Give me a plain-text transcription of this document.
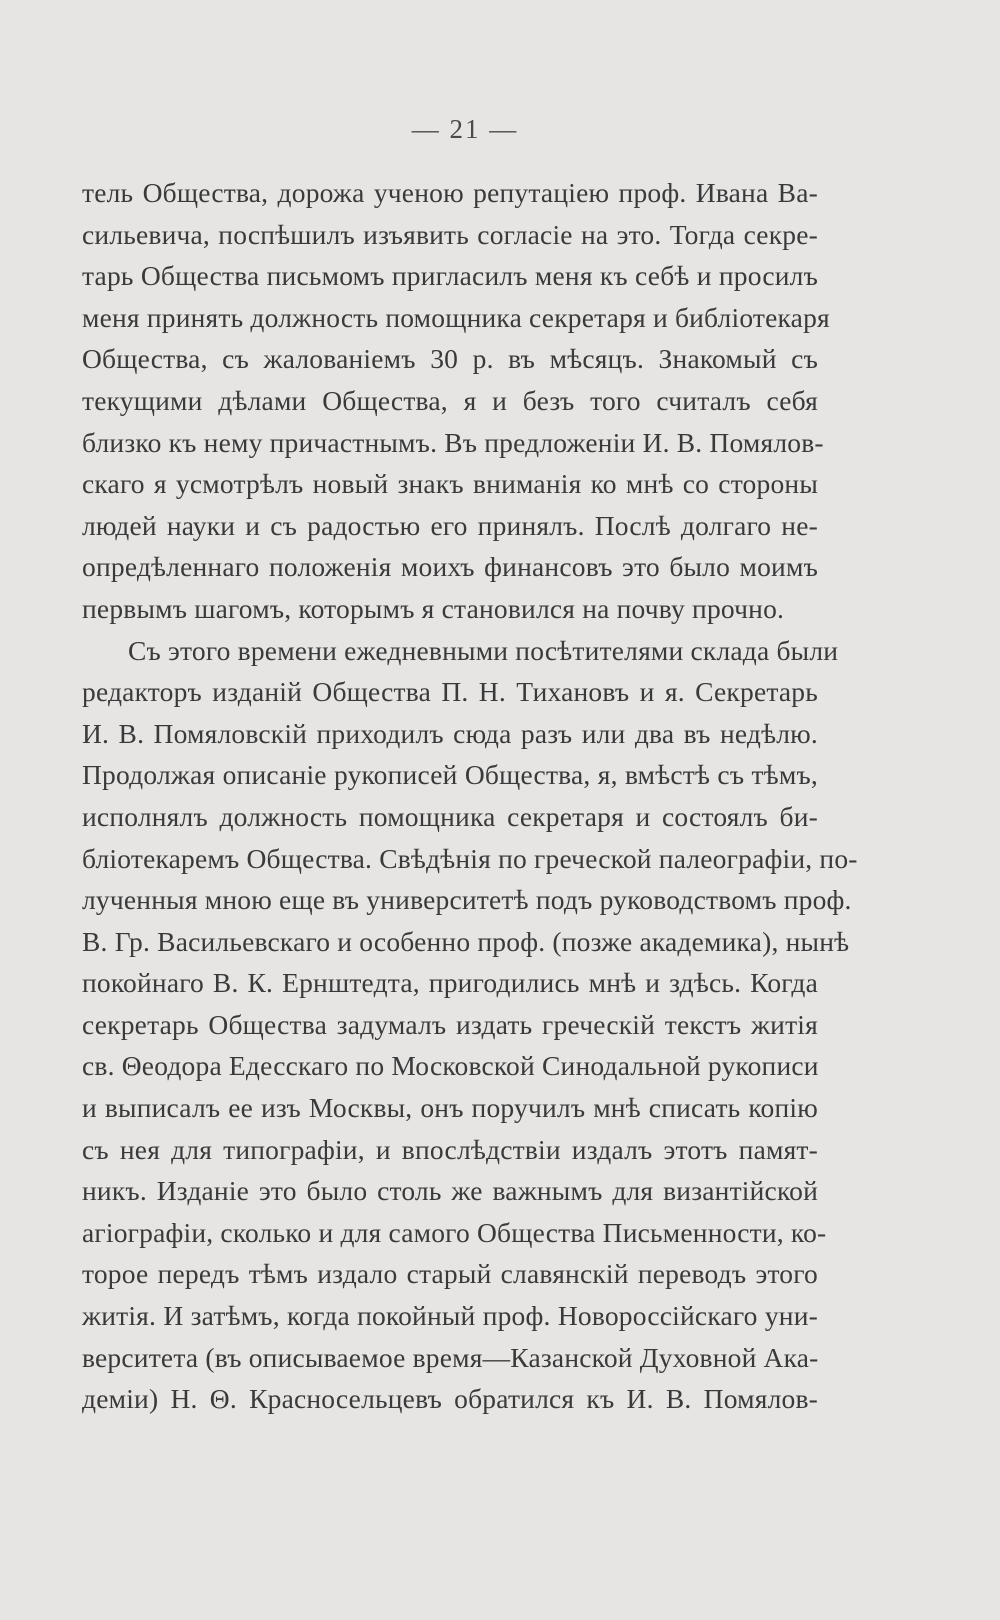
— 21 —
тель Общества, дорожа ученою репутаціею проф. Ивана Ва-
сильевича, поспѣшилъ изъявить согласіе на это. Тогда секре-
тарь Общества письмомъ пригласилъ меня къ себѣ и просилъ
меня принять должность помощника секретаря и библіотекаря
Общества, съ жалованіемъ 30 р. въ мѣсяцъ. Знакомый съ
текущими дѣлами Общества, я и безъ того считалъ себя
близко къ нему причастнымъ. Въ предложеніи И. В. Помялов-
скаго я усмотрѣлъ новый знакъ вниманія ко мнѣ со стороны
людей науки и съ радостью его принялъ. Послѣ долгаго не-
опредѣленнаго положенія моихъ финансовъ это было моимъ
первымъ шагомъ, которымъ я становился на почву прочно.
Съ этого времени ежедневными посѣтителями склада были
редакторъ изданій Общества П. Н. Тихановъ и я. Секретарь
И. В. Помяловскій приходилъ сюда разъ или два въ недѣлю.
Продолжая описаніе рукописей Общества, я, вмѣстѣ съ тѣмъ,
исполнялъ должность помощника секретаря и состоялъ би-
бліотекаремъ Общества. Свѣдѣнія по греческой палеографіи, по-
лученныя мною еще въ университетѣ подъ руководствомъ проф.
В. Гр. Васильевскаго и особенно проф. (позже академика), нынѣ
покойнаго В. К. Ернштедта, пригодились мнѣ и здѣсь. Когда
секретарь Общества задумалъ издать греческій текстъ житія
св. Θеодора Едесскаго по Московской Синодальной рукописи
и выписалъ ее изъ Москвы, онъ поручилъ мнѣ списать копію
съ нея для типографіи, и впослѣдствіи издалъ этотъ памят-
никъ. Изданіе это было столь же важнымъ для византійской
агіографіи, сколько и для самого Общества Письменности, ко-
торое передъ тѣмъ издало старый славянскій переводъ этого
житія. И затѣмъ, когда покойный проф. Новороссійскаго уни-
верситета (въ описываемое время—Казанской Духовной Ака-
деміи) Н. Θ. Красносельцевъ обратился къ И. В. Помялов-
